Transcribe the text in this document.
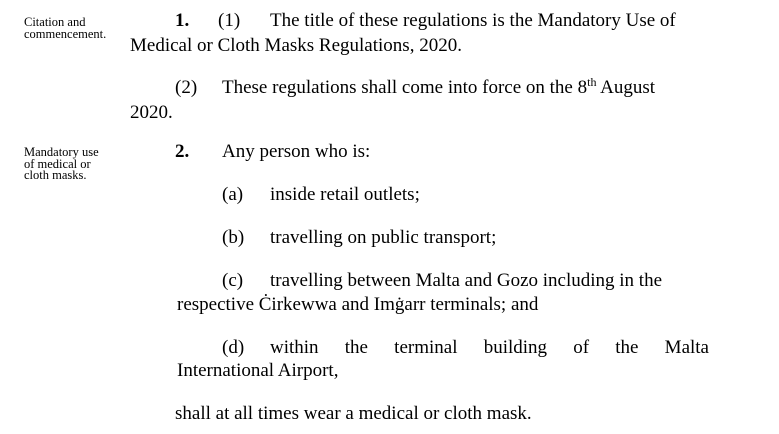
Citation and
commencement.
Mandatory use
of medical or
cloth masks.
1. (1) The title of these regulations is the Mandatory Use of
Medical or Cloth Masks Regulations, 2020.
(2) These regulations shall come into force on the 8th August
2020.
2. Any person who is:
(a) inside retail outlets;
(b) travelling on public transport;
(c) travelling between Malta and Gozo including in the
respective Ċirkewwa and Imġarr terminals; and
(d) within the terminal building of the Malta
International Airport,
shall at all times wear a medical or cloth mask.
